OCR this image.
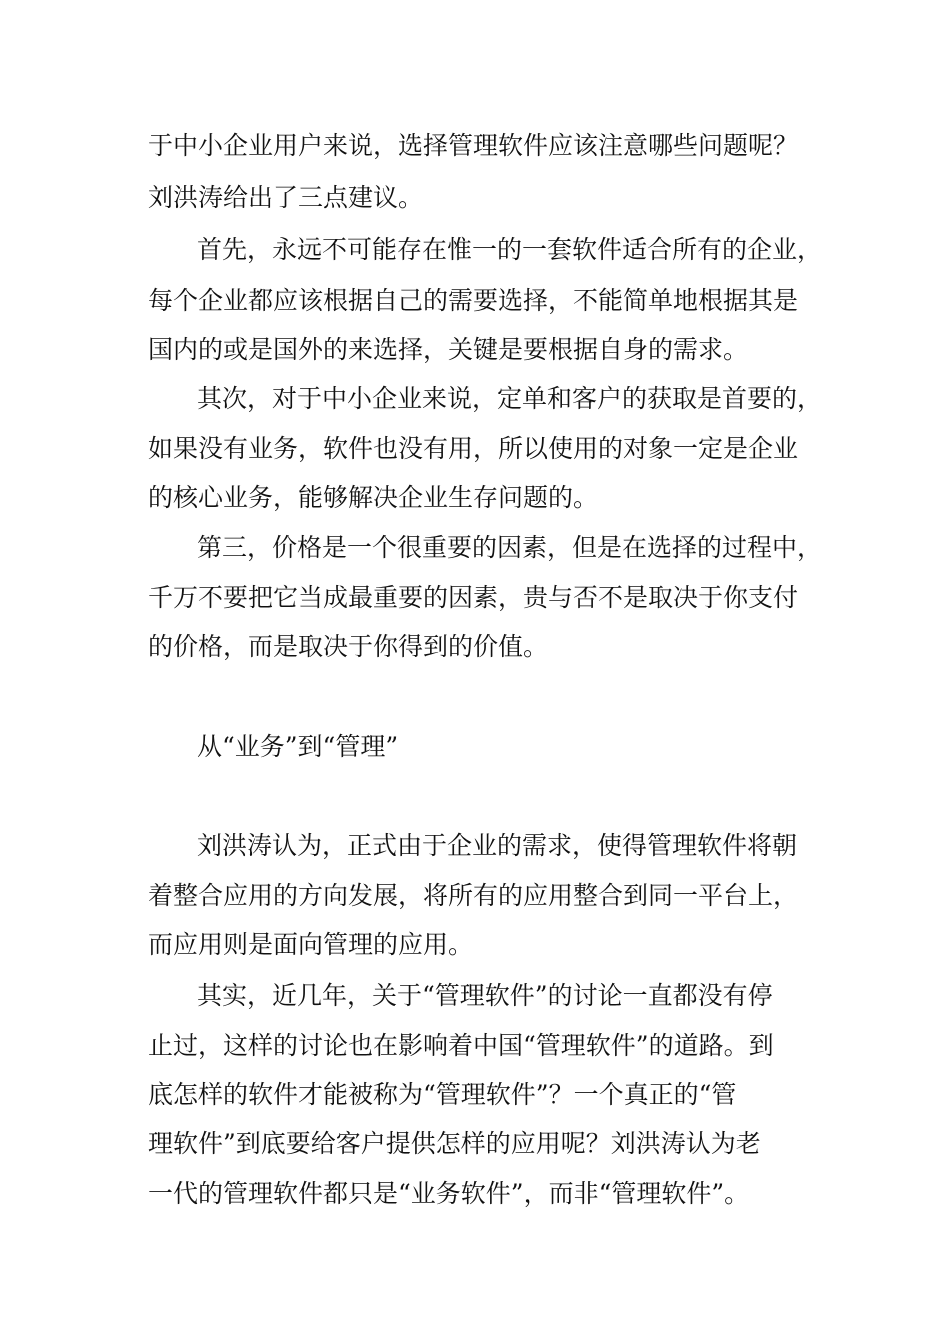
于中小企业用户来说，选择管理软件应该注意哪些问题呢？
刘洪涛给出了三点建议。
首先，永远不可能存在惟一的一套软件适合所有的企业，
每个企业都应该根据自己的需要选择，不能简单地根据其是
国内的或是国外的来选择，关键是要根据自身的需求。
其次，对于中小企业来说，定单和客户的获取是首要的，
如果没有业务，软件也没有用，所以使用的对象一定是企业
的核心业务，能够解决企业生存问题的。
第三，价格是一个很重要的因素，但是在选择的过程中，
千万不要把它当成最重要的因素，贵与否不是取决于你支付
的价格，而是取决于你得到的价值。
从“业务”到“管理”
刘洪涛认为，正式由于企业的需求，使得管理软件将朝
着整合应用的方向发展，将所有的应用整合到同一平台上，
而应用则是面向管理的应用。
其实，近几年，关于“管理软件”的讨论一直都没有停
止过，这样的讨论也在影响着中国“管理软件”的道路。到
底怎样的软件才能被称为“管理软件”？一个真正的“管
理软件”到底要给客户提供怎样的应用呢？刘洪涛认为老
一代的管理软件都只是“业务软件”，而非“管理软件”。
